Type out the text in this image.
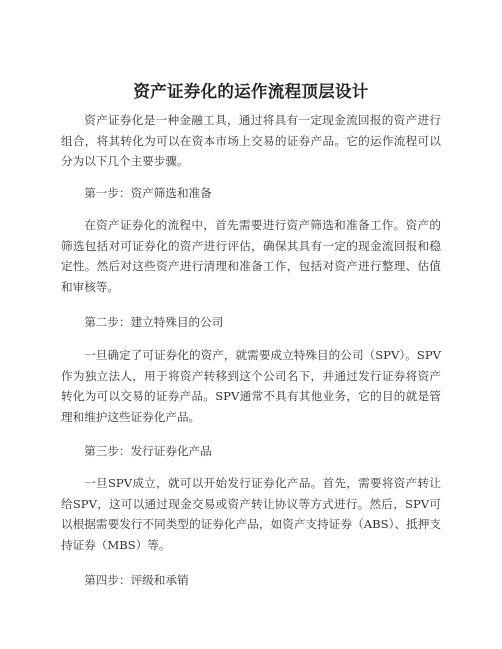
资产证券化的运作流程顶层设计

资产证券化是一种金融工具，通过将具有一定现金流回报的资产进行组合，将其转化为可以在资本市场上交易的证券产品。它的运作流程可以分为以下几个主要步骤。

第一步：资产筛选和准备

在资产证券化的流程中，首先需要进行资产筛选和准备工作。资产的筛选包括对可证券化的资产进行评估，确保其具有一定的现金流回报和稳定性。然后对这些资产进行清理和准备工作，包括对资产进行整理、估值和审核等。

第二步：建立特殊目的公司

一旦确定了可证券化的资产，就需要成立特殊目的公司（SPV）。SPV作为独立法人，用于将资产转移到这个公司名下，并通过发行证券将资产转化为可以交易的证券产品。SPV通常不具有其他业务，它的目的就是管理和维护这些证券化产品。

第三步：发行证券化产品

一旦SPV成立，就可以开始发行证券化产品。首先，需要将资产转让给SPV，这可以通过现金交易或资产转让协议等方式进行。然后，SPV可以根据需要发行不同类型的证券化产品，如资产支持证券（ABS）、抵押支持证券（MBS）等。

第四步：评级和承销
